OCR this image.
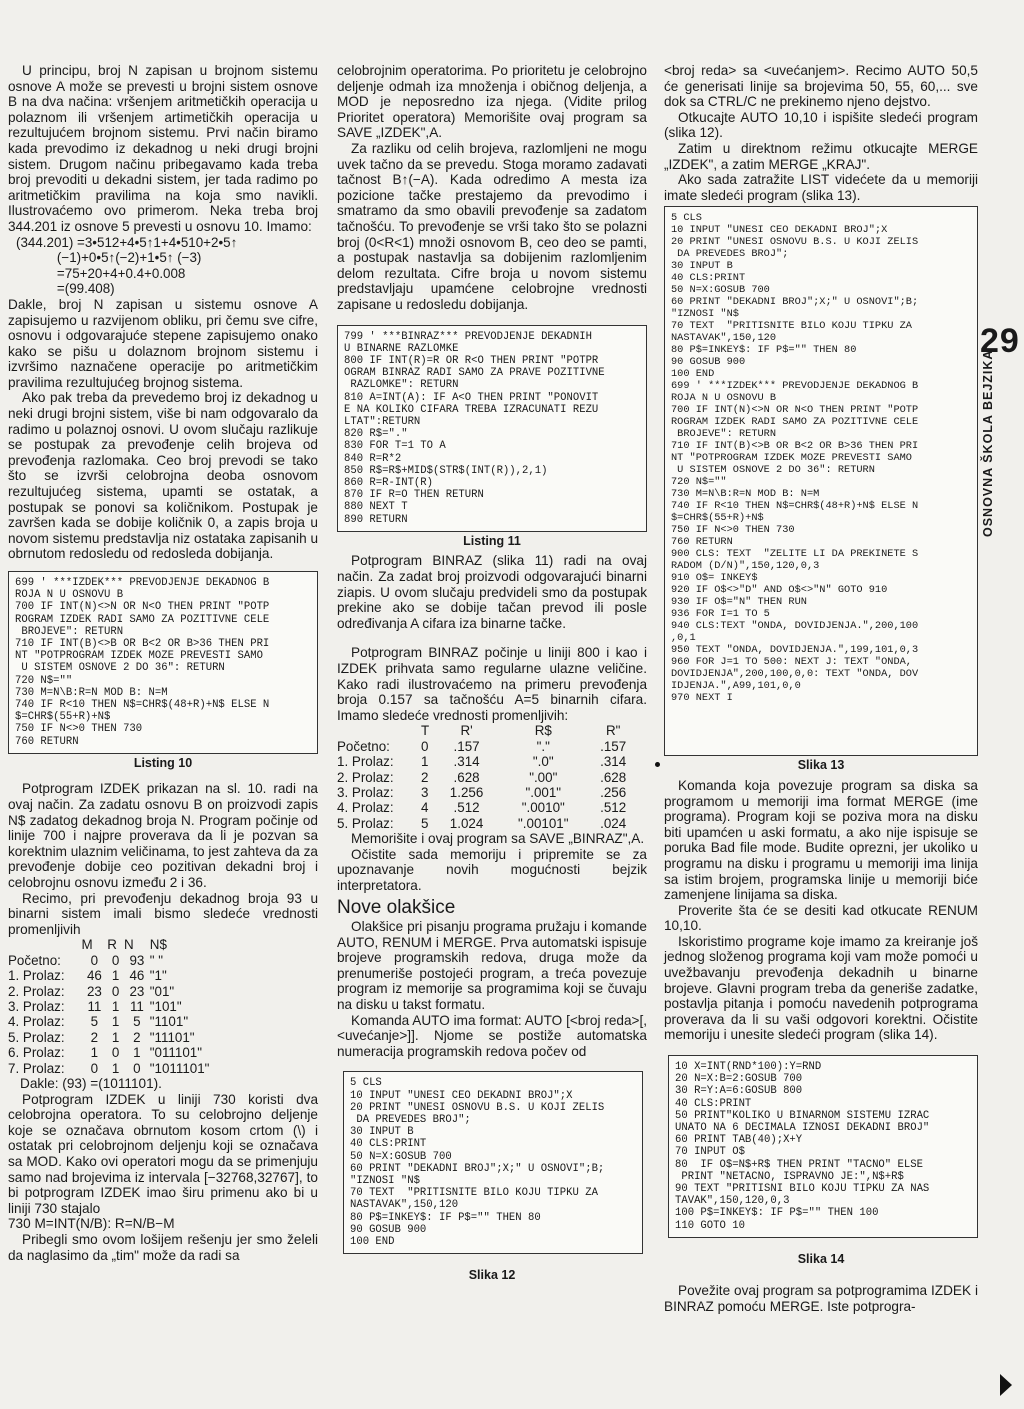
U principu, broj N zapisan u brojnom sistemu osnove A može se prevesti u brojni sistem osnove B na dva načina: vršenjem aritmetičkih operacija u polaznom ili vršenjem artimetičkih operacija u rezultujućem brojnom sistemu. Prvi način biramo kada prevodimo iz dekadnog u neki drugi brojni sistem. Drugom načinu pribegavamo kada treba broj prevoditi u dekadni sistem, jer tada radimo po aritmetičkim pravilima na koja smo navikli. Ilustrovaćemo ovo primerom. Neka treba broj 344.201 iz osnove 5 prevesti u osnovu 10. Imamo:

(344.201) =3•512+4•5↑1+4•510+2•5↑
(−1)+0•5↑(−2)+1•5↑ (−3)
=75+20+4+0.4+0.008
=(99.408)

Dakle, broj N zapisan u sistemu osnove A zapisujemo u razvijenom obliku, pri čemu sve cifre, osnovu i odgovarajuće stepene zapisujemo onako kako se pišu u dolaznom brojnom sistemu i izvršimo naznačene operacije po aritmetičkim pravilima rezultujućeg brojnog sistema.

Ako pak treba da prevedemo broj iz dekadnog u neki drugi brojni sistem, više bi nam odgovaralo da radimo u polaznoj osnovi. U ovom slučaju razlikuje se postupak za prevođenje celih brojeva od prevođenja razlomaka. Ceo broj prevodi se tako što se izvrši celobrojna deoba osnovom rezultujućeg sistema, upamti se ostatak, a postupak se ponovi sa količnikom. Postupak je završen kada se dobije količnik 0, a zapis broja u novom sistemu predstavlja niz ostataka zapisanih u obrnutom redosledu od redosleda dobijanja.

699 ' ***IZDEK*** PREVODJENJE DEKADNOG B
ROJA N U OSNOVU B
700 IF INT(N)<>N OR N<O THEN PRINT "POTP
ROGRAM IZDEK RADI SAMO ZA POZITIVNE CELE
BROJEVE": RETURN
710 IF INT(B)<>B OR B<2 OR B>36 THEN PRI
NT "POTPROGRAM IZDEK MOZE PREVESTI SAMO
U SISTEM OSNOVE 2 DO 36": RETURN
720 N$=""
730 M=N\B:R=N MOD B: N=M
740 IF R<10 THEN N$=CHR$(48+R)+N$ ELSE N
$=CHR$(55+R)+N$
750 IF N<>0 THEN 730
760 RETURN
Listing 10

Potprogram IZDEK prikazan na sl. 10. radi na ovaj način. Za zadatu osnovu B on proizvodi zapis N$ zadatog dekadnog broja N. Program počinje od linije 700 i najpre proverava da li je pozvan sa korektnim ulaznim veličinama, to jest zahteva da za prevođenje dobije ceo pozitivan dekadni broj i celobrojnu osnovu između 2 i 36.

Recimo, pri prevođenju dekadnog broja 93 u binarni sistem imali bismo sledeće vrednosti promenljivih

	M	R	N	N$
Početno:	0	0	93	" "
1. Prolaz:	46	1	46	"1"
2. Prolaz:	23	0	23	"01"
3. Prolaz:	11	1	11	"101"
4. Prolaz:	5	1	5	"1101"
5. Prolaz:	2	1	2	"11101"
6. Prolaz:	1	0	1	"011101"
7. Prolaz:	0	1	0	"1011101"

Dakle: (93) =(1011101).

Potprogram IZDEK u liniji 730 koristi dva celobrojna operatora. To su celobrojno deljenje koje se označava obrnutom kosom crtom (\) i ostatak pri celobrojnom deljenju koji se označava sa MOD. Kako ovi operatori mogu da se primenjuju samo nad brojevima iz intervala [−32768,32767], to bi potprogram IZDEK imao širu primenu ako bi u liniji 730 stajalo

730 M=INT(N/B): R=N/B−M

Pribegli smo ovom lošijem rešenju jer smo želeli da naglasimo da „tim" može da radi sa

celobrojnim operatorima. Po prioritetu je celobrojno deljenje odmah iza množenja i običnog deljenja, a MOD je neposredno iza njega. (Vidite prilog Prioritet operatora) Memorišite ovaj program sa SAVE „IZDEK",A.

Za razliku od celih brojeva, razlomljeni ne mogu uvek tačno da se prevedu. Stoga moramo zadavati tačnost B↑(−A). Kada odredimo A mesta iza pozicione tačke prestajemo da prevodimo i smatramo da smo obavili prevođenje sa zadatom tačnošću. To prevođenje se vrši tako što se polazni broj (0<R<1) množi osnovom B, ceo deo se pamti, a postupak nastavlja sa dobijenim razlomljenim delom rezultata. Cifre broja u novom sistemu predstavljaju upamćene celobrojne vrednosti zapisane u redosledu dobijanja.

799 ' ***BINRAZ*** PREVODJENJE DEKADNIH
U BINARNE RAZLOMKE
800 IF INT(R)=R OR R<O THEN PRINT "POTPR
OGRAM BINRAZ RADI SAMO ZA PRAVE POZITIVNE
RAZLOMKE": RETURN
810 A=INT(A): IF A<O THEN PRINT "PONOVIT
E NA KOLIKO CIFARA TREBA IZRACUNATI REZU
LTAT":RETURN
820 R$="."
830 FOR T=1 TO A
840 R=R*2
850 R$=R$+MID$(STR$(INT(R)),2,1)
860 R=R-INT(R)
870 IF R=O THEN RETURN
880 NEXT T
890 RETURN
Listing 11

Potprogram BINRAZ (slika 11) radi na ovaj način. Za zadat broj proizvodi odgovarajući binarni ziapis. U ovom slučaju predvideli smo da postupak prekine ako se dobije tačan prevod ili posle određivanja A cifara iza binarne tačke.

Potprogram BINRAZ počinje u liniji 800 i kao i IZDEK prihvata samo regularne ulazne veličine. Kako radi ilustrovaćemo na primeru prevođenja broja 0.157 sa tačnošću A=5 binarnih cifara. Imamo sledeće vrednosti promenljivih:

	T	R'	R$	R"
Početno:	0	.157	"."	.157
1. Prolaz:	1	.314	".0"	.314
2. Prolaz:	2	.628	".00"	.628
3. Prolaz:	3	1.256	".001"	.256
4. Prolaz:	4	.512	".0010"	.512
5. Prolaz:	5	1.024	".00101"	.024

Memorišite i ovaj program sa SAVE „BINRAZ",A.

Očistite sada memoriju i pripremite se za upoznavanje novih mogućnosti bejzik interpretatora.

Nove olakšice

Olakšice pri pisanju programa pružaju i komande AUTO, RENUM i MERGE. Prva automatski ispisuje brojeve programskih redova, druga može da prenumeriše postojeći program, a treća povezuje program iz memorije sa programima koji se čuvaju na disku u takst formatu.

Komanda AUTO ima format: AUTO [<broj reda>[,<uvećanje>]]. Njome se postiže automatska numeracija programskih redova počev od

5 CLS
10 INPUT "UNESI CEO DEKADNI BROJ";X
20 PRINT "UNESI OSNOVU B.S. U KOJI ZELIS
DA PREVEDES BROJ";
30 INPUT B
40 CLS:PRINT
50 N=X:GOSUB 700
60 PRINT "DEKADNI BROJ";X;" U OSNOVI";B;
"IZNOSI "N$
70 TEXT  "PRITISNITE BILO KOJU TIPKU ZA
NASTAVAK",150,120
80 P$=INKEY$: IF P$="" THEN 80
90 GOSUB 900
100 END
Slika 12

<broj reda> sa <uvećanjem>. Recimo AUTO 50,5 će generisati linije sa brojevima 50, 55, 60,... sve dok sa CTRL/C ne prekinemo njeno dejstvo.

Otkucajte AUTO 10,10 i ispišite sledeći program (slika 12).

Zatim u direktnom režimu otkucajte MERGE „IZDEK", a zatim MERGE „KRAJ".

Ako sada zatražite LIST videćete da u memoriji imate sledeći program (slika 13).

5 CLS
10 INPUT "UNESI CEO DEKADNI BROJ";X
20 PRINT "UNESI OSNOVU B.S. U KOJI ZELIS
DA PREVEDES BROJ";
30 INPUT B
40 CLS:PRINT
50 N=X:GOSUB 700
60 PRINT "DEKADNI BROJ";X;" U OSNOVI";B;
"IZNOSI "N$
70 TEXT  "PRITISNITE BILO KOJU TIPKU ZA
NASTAVAK",150,120
80 P$=INKEY$: IF P$="" THEN 80
90 GOSUB 900
100 END
699 ' ***IZDEK*** PREVODJENJE DEKADNOG B
ROJA N U OSNOVU B
700 IF INT(N)<>N OR N<O THEN PRINT "POTP
ROGRAM IZDEK RADI SAMO ZA POZITIVNE CELE
BROJEVE": RETURN
710 IF INT(B)<>B OR B<2 OR B>36 THEN PRI
NT "POTPROGRAM IZDEK MOZE PREVESTI SAMO
U SISTEM OSNOVE 2 DO 36": RETURN
720 N$=""
730 M=N\B:R=N MOD B: N=M
740 IF R<10 THEN N$=CHR$(48+R)+N$ ELSE N
$=CHR$(55+R)+N$
750 IF N<>0 THEN 730
760 RETURN
900 CLS: TEXT  "ZELITE LI DA PREKINETE S
RADOM (D/N)",150,120,0,3
910 O$= INKEY$
920 IF O$<>"D" AND O$<>"N" GOTO 910
930 IF O$="N" THEN RUN
936 FOR I=1 TO 5
940 CLS:TEXT "ONDA, DOVIDJENJA.",200,100
,0,1
950 TEXT "ONDA, DOVIDJENJA.",199,101,0,3
960 FOR J=1 TO 500: NEXT J: TEXT "ONDA,
DOVIDJENJA",200,100,0,0: TEXT "ONDA, DOV
IDJENJA.",A99,101,0,0
970 NEXT I
Slika 13

Komanda koja povezuje program sa diska sa programom u memoriji ima format MERGE (ime programa). Program koji se poziva mora na disku biti upamćen u aski formatu, a ako nije ispisuje se poruka Bad file mode. Budite oprezni, jer ukoliko u programu na disku i programu u memoriji ima linija sa istim brojem, programska linije u memoriji biće zamenjene linijama sa diska.

Proverite šta će se desiti kad otkucate RENUM 10,10.

Iskoristimo programe koje imamo za kreiranje još jednog složenog programa koji vam može pomoći u uvežbavanju prevođenja dekadnih u binarne brojeve. Glavni program treba da generiše zadatke, postavlja pitanja i pomoću navedenih potprograma proverava da li su vaši odgovori korektni. Očistite memoriju i unesite sledeći program (slika 14).

10 X=INT(RND*100):Y=RND
20 N=X:B=2:GOSUB 700
30 R=Y:A=6:GOSUB 800
40 CLS:PRINT
50 PRINT"KOLIKO U BINARNOM SISTEMU IZRAC
UNATO NA 6 DECIMALA IZNOSI DEKADNI BROJ"
60 PRINT TAB(40);X+Y
70 INPUT O$
80  IF O$=N$+R$ THEN PRINT "TACNO" ELSE
PRINT "NETACNO, ISPRAVNO JE:",N$+R$
90 TEXT "PRITISNI BILO KOJU TIPKU ZA NAS
TAVAK",150,120,0,3
100 P$=INKEY$: IF P$="" THEN 100
110 GOTO 10
Slika 14

Povežite ovaj program sa potprogramima IZDEK i BINRAZ pomoću MERGE. Iste potprogra-

29
OSNOVNA ŠKOLA BEJZIKA
